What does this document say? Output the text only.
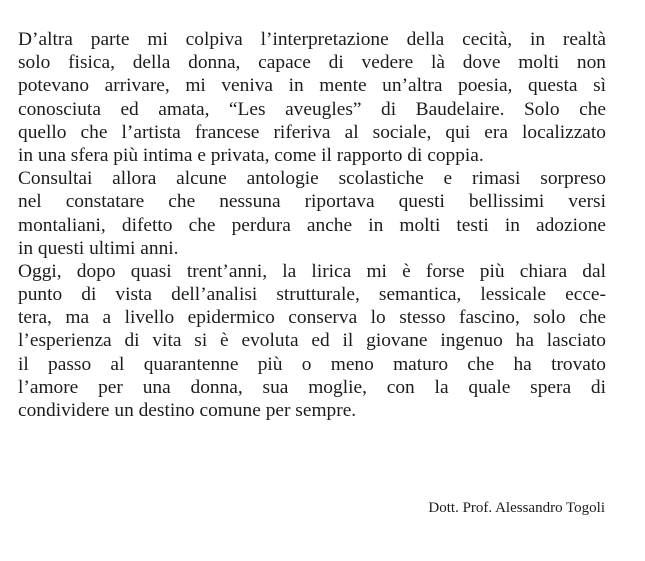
D’altra parte mi colpiva l’interpretazione della cecità, in realtà
solo fisica, della donna, capace di vedere là dove molti non
potevano arrivare, mi veniva in mente un’altra poesia, questa sì
conosciuta ed amata, “Les aveugles” di Baudelaire. Solo che
quello che l’artista francese riferiva al sociale, qui era localizzato
in una sfera più intima e privata, come il rapporto di coppia.
Consultai allora alcune antologie scolastiche e rimasi sorpreso
nel constatare che nessuna riportava questi bellissimi versi
montaliani, difetto che perdura anche in molti testi in adozione
in questi ultimi anni.
Oggi, dopo quasi trent’anni, la lirica mi è forse più chiara dal
punto di vista dell’analisi strutturale, semantica, lessicale ecce-
tera, ma a livello epidermico conserva lo stesso fascino, solo che
l’esperienza di vita si è evoluta ed il giovane ingenuo ha lasciato
il passo al quarantenne più o meno maturo che ha trovato
l’amore per una donna, sua moglie, con la quale spera di
condividere un destino comune per sempre.
Dott. Prof. Alessandro Togoli
